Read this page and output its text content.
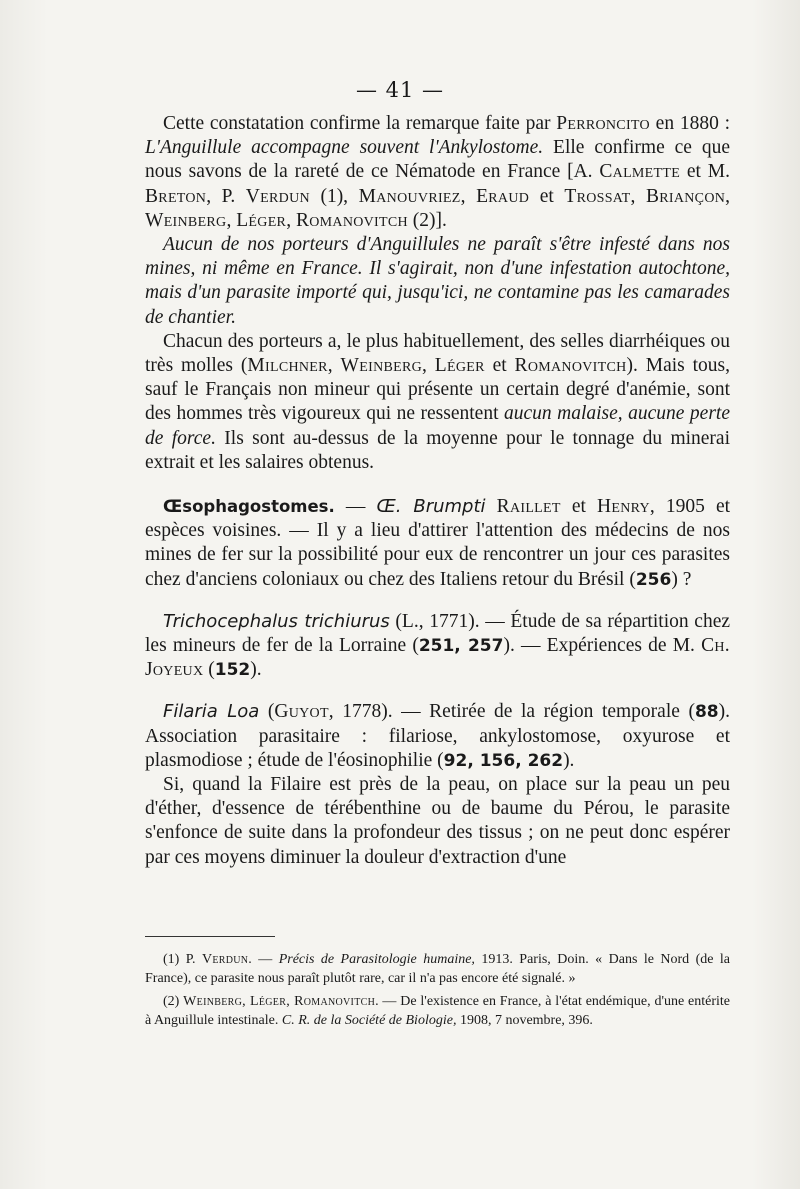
— 41 —

Cette constatation confirme la remarque faite par Perroncito en 1880 : L'Anguillule accompagne souvent l'Ankylostome. Elle confirme ce que nous savons de la rareté de ce Nématode en France [A. Calmette et M. Breton, P. Verdun (1), Manouvriez, Eraud et Trossat, Briançon, Weinberg, Léger, Romanovitch (2)].

Aucun de nos porteurs d'Anguillules ne paraît s'être infesté dans nos mines, ni même en France. Il s'agirait, non d'une infestation autochtone, mais d'un parasite importé qui, jusqu'ici, ne contamine pas les camarades de chantier.

Chacun des porteurs a, le plus habituellement, des selles diarrhéiques ou très molles (Milchner, Weinberg, Léger et Romanovitch). Mais tous, sauf le Français non mineur qui présente un certain degré d'anémie, sont des hommes très vigoureux qui ne ressentent aucun malaise, aucune perte de force. Ils sont au-dessus de la moyenne pour le tonnage du minerai extrait et les salaires obtenus.

Œsophagostomes. — Œ. Brumpti Raillet et Henry, 1905 et espèces voisines. — Il y a lieu d'attirer l'attention des médecins de nos mines de fer sur la possibilité pour eux de rencontrer un jour ces parasites chez d'anciens coloniaux ou chez des Italiens retour du Brésil (256) ?

Trichocephalus trichiurus (L., 1771). — Étude de sa répartition chez les mineurs de fer de la Lorraine (251, 257). — Expériences de M. Ch. Joyeux (152).

Filaria Loa (Guyot, 1778). — Retirée de la région temporale (88). Association parasitaire : filariose, ankylostomose, oxyurose et plasmodiose ; étude de l'éosinophilie (92, 156, 262).

Si, quand la Filaire est près de la peau, on place sur la peau un peu d'éther, d'essence de térébenthine ou de baume du Pérou, le parasite s'enfonce de suite dans la profondeur des tissus ; on ne peut donc espérer par ces moyens diminuer la douleur d'extraction d'une

(1) P. Verdun. — Précis de Parasitologie humaine, 1913. Paris, Doin. « Dans le Nord (de la France), ce parasite nous paraît plutôt rare, car il n'a pas encore été signalé. »

(2) Weinberg, Léger, Romanovitch. — De l'existence en France, à l'état endémique, d'une entérite à Anguillule intestinale. C. R. de la Société de Biologie, 1908, 7 novembre, 396.
